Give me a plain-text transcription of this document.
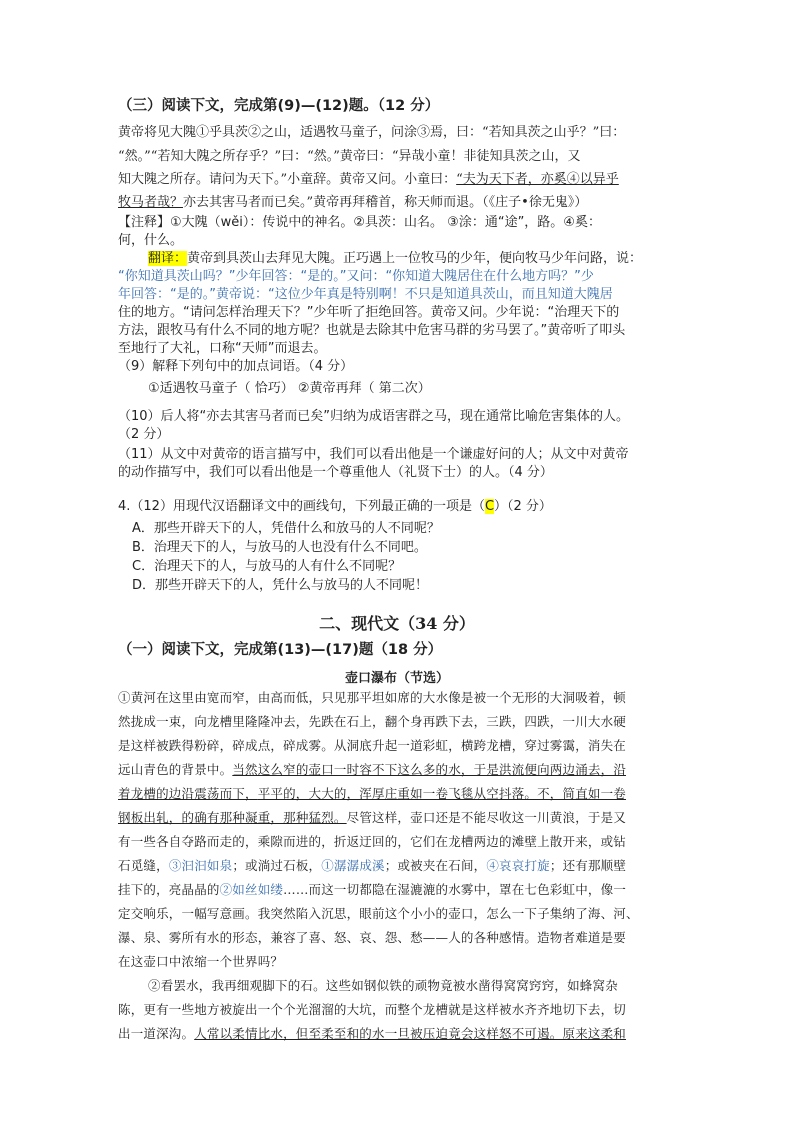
（三）阅读下文，完成第(9)—(12)题。（12 分）
黄帝将见大隗①乎具茨②之山，适遇牧马童子，问涂③焉，曰：“若知具茨之山乎？”曰：
“然。”“若知大隗之所存乎？”曰：“然。”黄帝曰：“异哉小童！非徒知具茨之山，又
知大隗之所存。请问为天下。”小童辞。黄帝又问。小童曰：“夫为天下者，亦奚④以异乎
牧马者哉？亦去其害马者而已矣。”黄帝再拜稽首，称天师而退。（《庄子•徐无鬼》）
【注释】①大隗（wěi）：传说中的神名。②具茨：山名。 ③涂：通“途”，路。④奚：
何，什么。
翻译：黄帝到具茨山去拜见大隗。正巧遇上一位牧马的少年，便向牧马少年问路，说：
“你知道具茨山吗？”少年回答：“是的。”又问：“你知道大隗居住在什么地方吗？”少
年回答：“是的。”黄帝说：“这位少年真是特别啊！不只是知道具茨山，而且知道大隗居
住的地方。“请问怎样治理天下？”少年听了拒绝回答。黄帝又问。少年说：“治理天下的
方法，跟牧马有什么不同的地方呢？也就是去除其中危害马群的劣马罢了。”黄帝听了叩头
至地行了大礼，口称“天师”而退去。
（9）解释下列句中的加点词语。（4 分）
①适遇牧马童子（ 恰巧） ②黄帝再拜（ 第二次）
（10）后人将“亦去其害马者而已矣”归纳为成语害群之马，现在通常比喻危害集体的人。
（2 分）
（11）从文中对黄帝的语言描写中，我们可以看出他是一个谦虚好问的人；从文中对黄帝
的动作描写中，我们可以看出他是一个尊重他人（礼贤下士）的人。（4 分）
4.（12）用现代汉语翻译文中的画线句，下列最正确的一项是（C）（2 分）
A．那些开辟天下的人，凭借什么和放马的人不同呢？
B．治理天下的人，与放马的人也没有什么不同吧。
C．治理天下的人，与放马的人有什么不同呢？
D．那些开辟天下的人，凭什么与放马的人不同呢！
二、现代文（34 分）
（一）阅读下文，完成第(13)—(17)题（18 分）
壶口瀑布（节选）
①黄河在这里由宽而窄，由高而低，只见那平坦如席的大水像是被一个无形的大洞吸着，顿
然拢成一束，向龙槽里隆隆冲去，先跌在石上，翻个身再跌下去，三跌，四跌，一川大水硬
是这样被跌得粉碎，碎成点，碎成雾。从洞底升起一道彩虹，横跨龙槽，穿过雾霭，消失在
远山青色的背景中。当然这么窄的壶口一时容不下这么多的水，于是洪流便向两边涌去，沿
着龙槽的边沿震荡而下，平平的，大大的，浑厚庄重如一卷飞毯从空抖落。不，简直如一卷
钢板出轧，的确有那种凝重，那种猛烈。尽管这样，壶口还是不能尽收这一川黄浪，于是又
有一些各自夺路而走的，乘隙而进的，折返迂回的，它们在龙槽两边的滩壁上散开来，或钻
石觅缝，③汩汩如泉；或淌过石板，①潺潺成溪；或被夹在石间，④哀哀打旋；还有那顺壁
挂下的，亮晶晶的②如丝如缕……而这一切都隐在湿漉漉的水雾中，罩在七色彩虹中，像一
定交响乐，一幅写意画。我突然陷入沉思，眼前这个小小的壶口，怎么一下子集纳了海、河、
瀑、泉、雾所有水的形态，兼容了喜、怒、哀、怨、愁——人的各种感情。造物者难道是要
在这壶口中浓缩一个世界吗？
②看罢水，我再细观脚下的石。这些如钢似铁的顽物竟被水凿得窝窝窍窍，如蜂窝杂
陈，更有一些地方被旋出一个个光溜溜的大坑，而整个龙槽就是这样被水齐齐地切下去，切
出一道深沟。人常以柔情比水，但至柔至和的水一旦被压迫竟会这样怒不可遏。原来这柔和
